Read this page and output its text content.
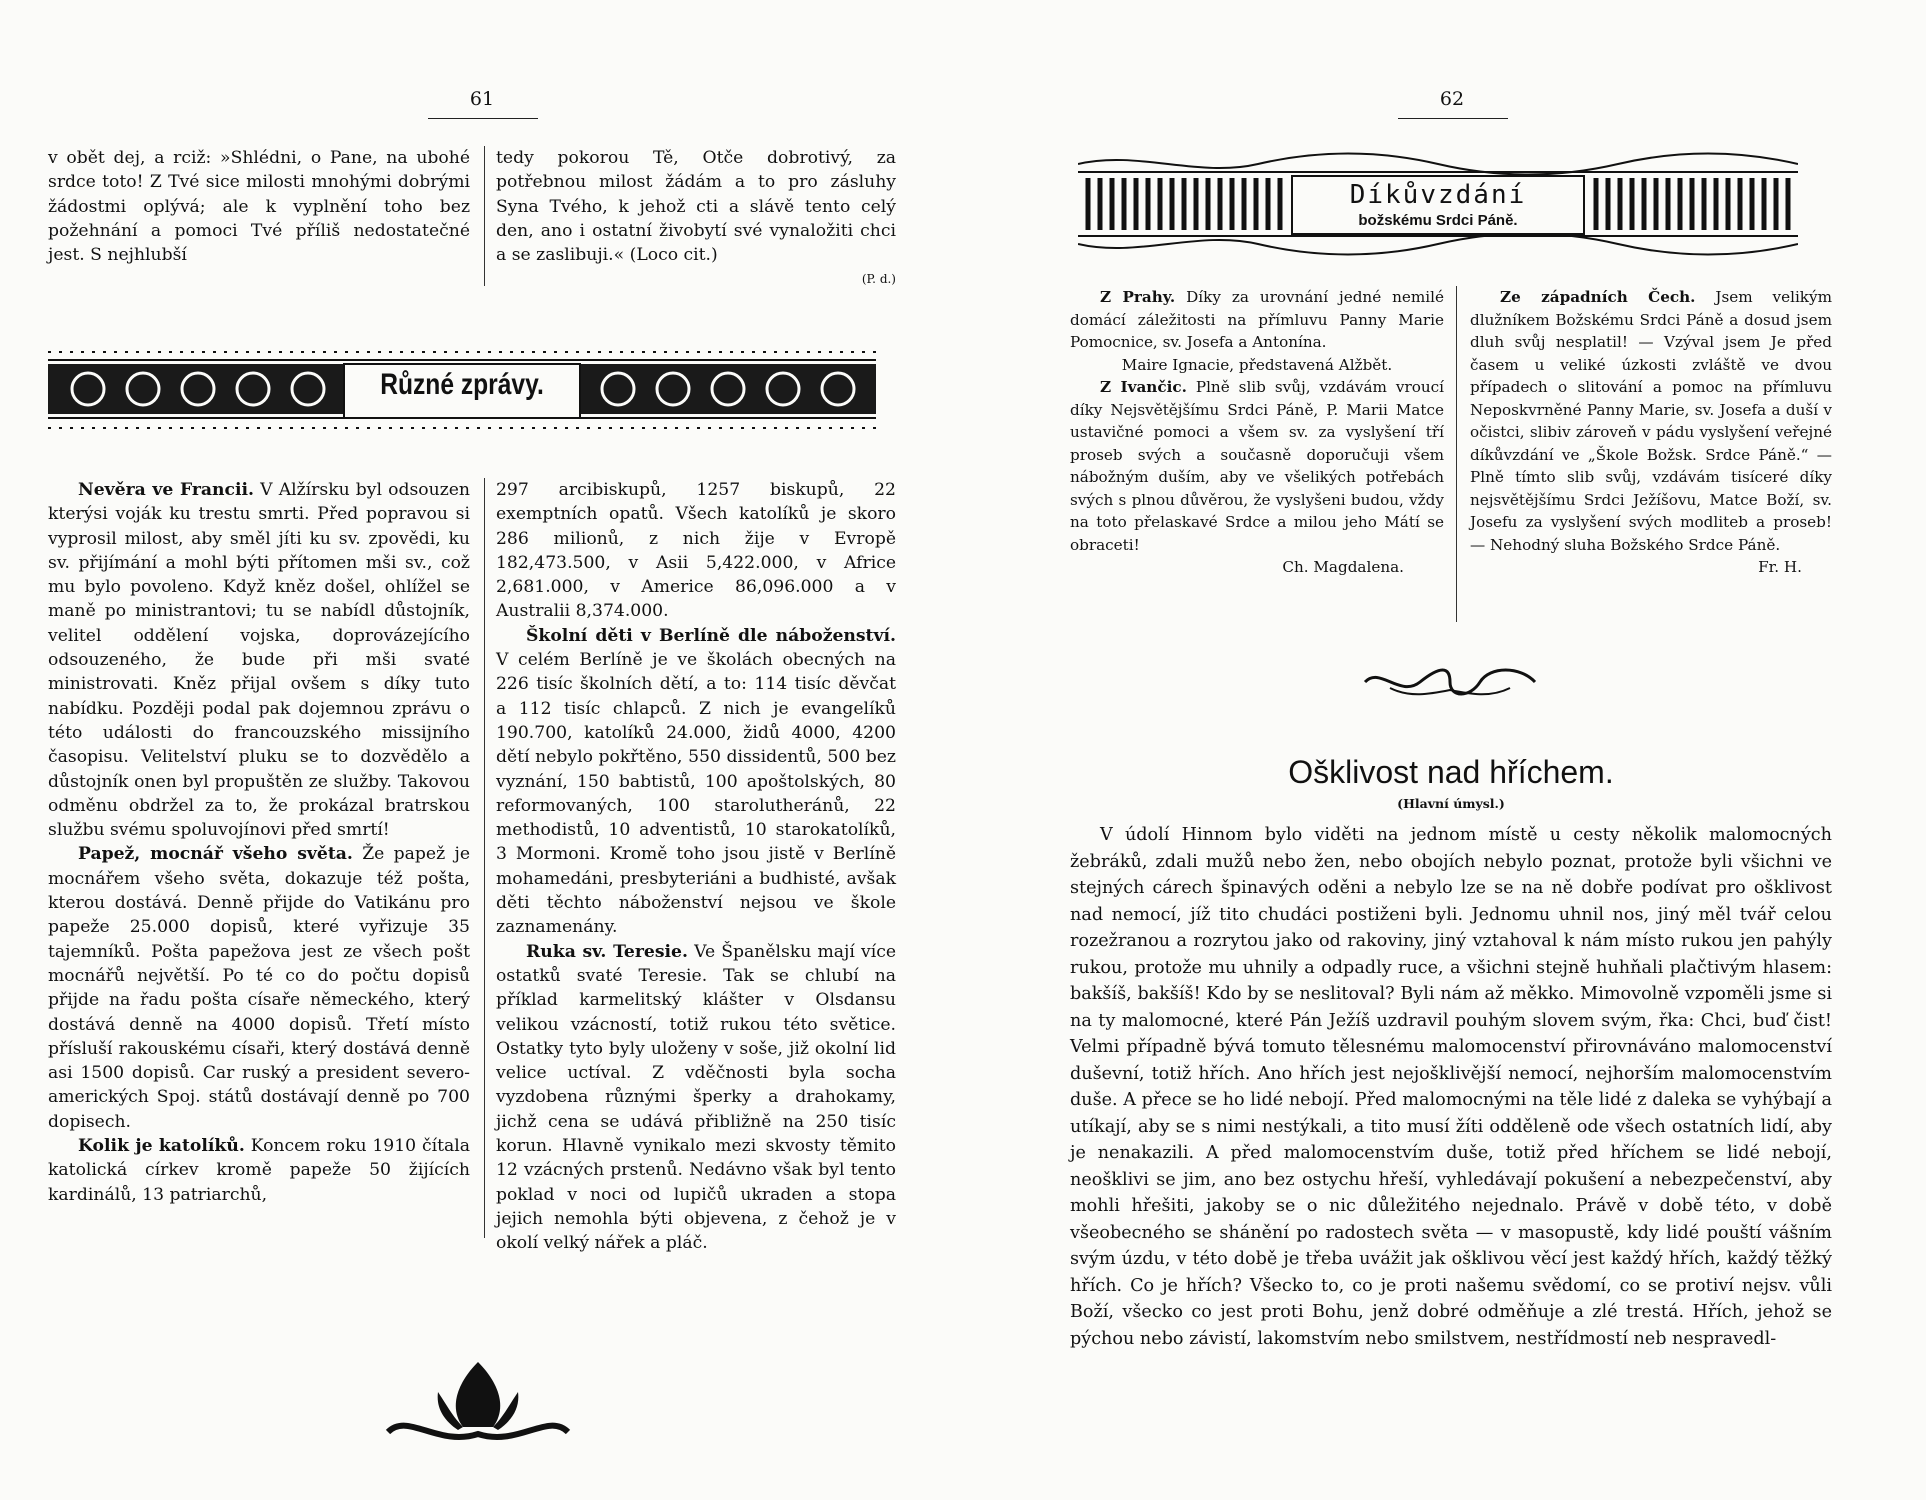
61

v obět dej, a rciž: »Shlédni, o Pane, na ubohé srdce toto! Z Tvé sice milosti mnohými dobrými žádostmi oplývá; ale k vyplnění toho bez požehnání a pomoci Tvé příliš nedostatečné jest. S nejhlubší

tedy pokorou Tě, Otče dobrotivý, za potřebnou milost žádám a to pro zásluhy Syna Tvého, k jehož cti a slávě tento celý den, ano i ostatní živobytí své vynaložiti chci a se zaslibuji.« (Loco cit.)

(P. d.)

Různé zprávy.

Nevěra ve Francii. V Alžírsku byl odsouzen kterýsi voják ku trestu smrti. Před popravou si vyprosil milost, aby směl jíti ku sv. zpovědi, ku sv. přijímání a mohl býti přítomen mši sv., což mu bylo povoleno. Když kněz došel, ohlížel se maně po ministrantovi; tu se nabídl důstojník, velitel oddělení vojska, doprovázejícího odsouzeného, že bude při mši svaté ministrovati. Kněz přijal ovšem s díky tuto nabídku. Později podal pak dojemnou zprávu o této události do francouzského missijního časopisu. Velitelství pluku se to dozvědělo a důstojník onen byl propuštěn ze služby. Takovou odměnu obdržel za to, že prokázal bratrskou službu svému spoluvojínovi před smrtí!

Papež, mocnář všeho světa. Že papež je mocnářem všeho světa, dokazuje též pošta, kterou dostává. Denně přijde do Vatikánu pro papeže 25.000 dopisů, které vyřizuje 35 tajemníků. Pošta papežova jest ze všech pošt mocnářů největší. Po té co do počtu dopisů přijde na řadu pošta císaře německého, který dostává denně na 4000 dopisů. Třetí místo přísluší rakouskému císaři, který dostává denně asi 1500 dopisů. Car ruský a president severo-amerických Spoj. států dostávají denně po 700 dopisech.

Kolik je katolíků. Koncem roku 1910 čítala katolická církev kromě papeže 50 žijících kardinálů, 13 patriarchů,

297 arcibiskupů, 1257 biskupů, 22 exemptních opatů. Všech katolíků je skoro 286 milionů, z nich žije v Evropě 182,473.500, v Asii 5,422.000, v Africe 2,681.000, v Americe 86,096.000 a v Australii 8,374.000.

Školní děti v Berlíně dle náboženství. V celém Berlíně je ve školách obecných na 226 tisíc školních dětí, a to: 114 tisíc děvčat a 112 tisíc chlapců. Z nich je evangelíků 190.700, katolíků 24.000, židů 4000, 4200 dětí nebylo pokřtěno, 550 dissidentů, 500 bez vyznání, 150 babtistů, 100 apoštolských, 80 reformovaných, 100 starolutheránů, 22 methodistů, 10 adventistů, 10 starokatolíků, 3 Mormoni. Kromě toho jsou jistě v Berlíně mohamedáni, presbyteriáni a budhisté, avšak děti těchto náboženství nejsou ve škole zaznamenány.

Ruka sv. Teresie. Ve Španělsku mají více ostatků svaté Teresie. Tak se chlubí na příklad karmelitský klášter v Olsdansu velikou vzácností, totiž rukou této světice. Ostatky tyto byly uloženy v soše, již okolní lid velice uctíval. Z vděčnosti byla socha vyzdobena různými šperky a drahokamy, jichž cena se udává přibližně na 250 tisíc korun. Hlavně vynikalo mezi skvosty těmito 12 vzácných prstenů. Nedávno však byl tento poklad v noci od lupičů ukraden a stopa jejich nemohla býti objevena, z čehož je v okolí velký nářek a pláč.

62
Díkůvzdání
božskému Srdci Páně.

Z Prahy. Díky za urovnání jedné nemilé domácí záležitosti na přímluvu Panny Marie Pomocnice, sv. Josefa a Antonína.

Maire Ignacie, představená Alžbět.

Z Ivančic. Plně slib svůj, vzdávám vroucí díky Nejsvětějšímu Srdci Páně, P. Marii Matce ustavičné pomoci a všem sv. za vyslyšení tří proseb svých a současně doporučuji všem nábožným duším, aby ve všelikých potřebách svých s plnou důvěrou, že vyslyšeni budou, vždy na toto přelaskavé Srdce a milou jeho Mátí se obraceti!

Ch. Magdalena.

Ze západních Čech. Jsem velikým dlužníkem Božskému Srdci Páně a dosud jsem dluh svůj nesplatil! — Vzýval jsem Je před časem u veliké úzkosti zvláště ve dvou případech o slitování a pomoc na přímluvu Neposkvrněné Panny Marie, sv. Josefa a duší v očistci, slibiv zároveň v pádu vyslyšení veřejné díkůvzdání ve „Škole Božsk. Srdce Páně.“ — Plně tímto slib svůj, vzdávám tisíceré díky nejsvětějšímu Srdci Ježíšovu, Matce Boží, sv. Josefu za vyslyšení svých modliteb a proseb! — Nehodný sluha Božského Srdce Páně.

Fr. H.

Ošklivost nad hříchem.
(Hlavní úmysl.)

V údolí Hinnom bylo viděti na jednom místě u cesty několik malomocných žebráků, zdali mužů nebo žen, nebo obojích nebylo poznat, protože byli všichni ve stejných cárech špinavých oděni a nebylo lze se na ně dobře podívat pro ošklivost nad nemocí, jíž tito chudáci postiženi byli. Jednomu uhnil nos, jiný měl tvář celou rozežranou a rozrytou jako od rakoviny, jiný vztahoval k nám místo rukou jen pahýly rukou, protože mu uhnily a odpadly ruce, a všichni stejně huhňali plačtivým hlasem: bakšíš, bakšíš! Kdo by se neslitoval? Byli nám až měkko. Mimovolně vzpoměli jsme si na ty malomocné, které Pán Ježíš uzdravil pouhým slovem svým, řka: Chci, buď čist! Velmi případně bývá tomuto tělesnému malomocenství přirovnáváno malomocenství duševní, totiž hřích. Ano hřích jest nejošklivější nemocí, nejhorším malomocenstvím duše. A přece se ho lidé nebojí. Před malomocnými na těle lidé z daleka se vyhýbají a utíkají, aby se s nimi nestýkali, a tito musí žíti odděleně ode všech ostatních lidí, aby je nenakazili. A před malomocenstvím duše, totiž před hříchem se lidé nebojí, neošklivi se jim, ano bez ostychu hřeší, vyhledávají pokušení a nebezpečenství, aby mohli hřešiti, jakoby se o nic důležitého nejednalo. Právě v době této, v době všeobecného se shánění po radostech světa — v masopustě, kdy lidé pouští vášním svým úzdu, v této době je třeba uvážit jak ošklivou věcí jest každý hřích, každý těžký hřích. Co je hřích? Všecko to, co je proti našemu svědomí, co se protiví nejsv. vůli Boží, všecko co jest proti Bohu, jenž dobré odměňuje a zlé trestá. Hřích, jehož se pýchou nebo závistí, lakomstvím nebo smilstvem, nestřídmostí neb nespravedl-
